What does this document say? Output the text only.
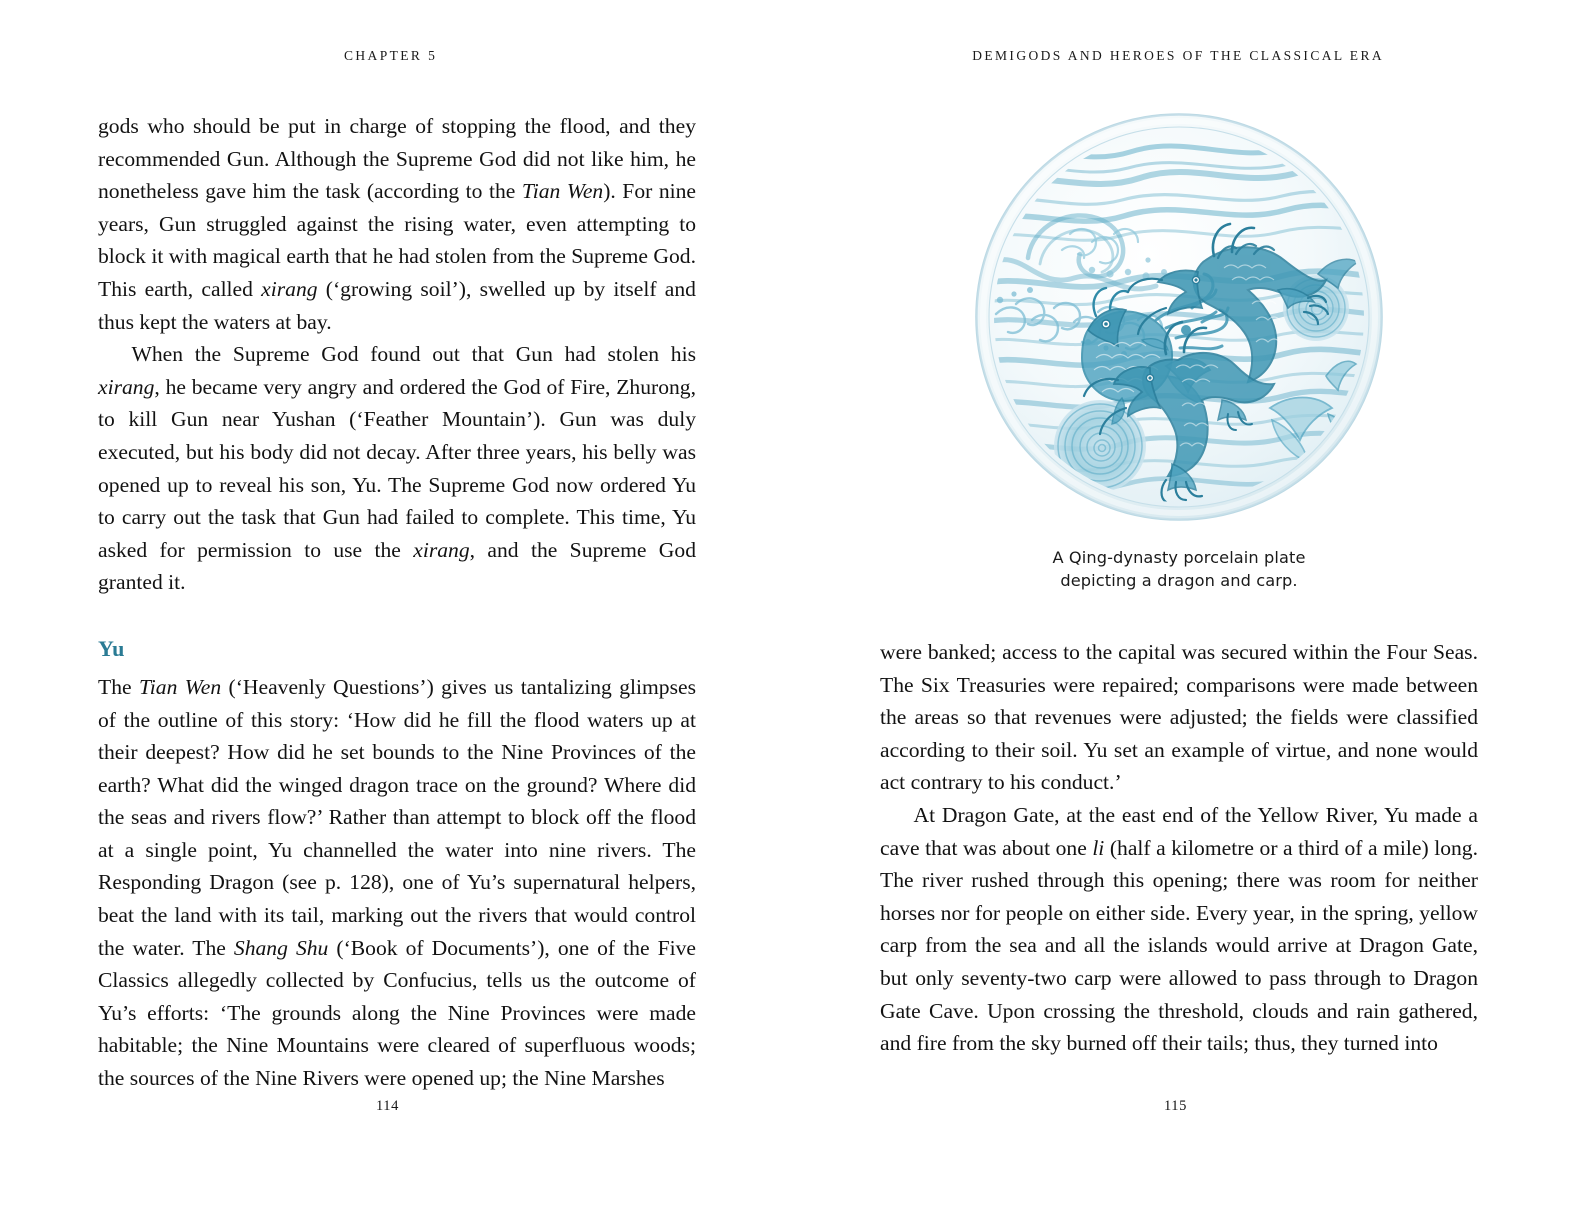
CHAPTER 5	DEMIGODS AND HEROES OF THE CLASSICAL ERA

gods who should be put in charge of stopping the flood, and they recommended Gun. Although the Supreme God did not like him, he nonetheless gave him the task (according to the Tian Wen). For nine years, Gun struggled against the rising water, even attempting to block it with magical earth that he had stolen from the Supreme God. This earth, called xirang (‘growing soil’), swelled up by itself and thus kept the waters at bay.

When the Supreme God found out that Gun had stolen his xirang, he became very angry and ordered the God of Fire, Zhurong, to kill Gun near Yushan (‘Feather Mountain’). Gun was duly executed, but his body did not decay. After three years, his belly was opened up to reveal his son, Yu. The Supreme God now ordered Yu to carry out the task that Gun had failed to complete. This time, Yu asked for permission to use the xirang, and the Supreme God granted it.

Yu

The Tian Wen (‘Heavenly Questions’) gives us tantalizing glimpses of the outline of this story: ‘How did he fill the flood waters up at their deepest? How did he set bounds to the Nine Provinces of the earth? What did the winged dragon trace on the ground? Where did the seas and rivers flow?’ Rather than attempt to block off the flood at a single point, Yu channelled the water into nine rivers. The Responding Dragon (see p. 128), one of Yu’s supernatural helpers, beat the land with its tail, marking out the rivers that would control the water. The Shang Shu (‘Book of Documents’), one of the Five Classics allegedly collected by Confucius, tells us the outcome of Yu’s efforts: ‘The grounds along the Nine Provinces were made habitable; the Nine Mountains were cleared of superfluous woods; the sources of the Nine Rivers were opened up; the Nine Marshes

A Qing-dynasty porcelain plate
depicting a dragon and carp.

were banked; access to the capital was secured within the Four Seas. The Six Treasuries were repaired; comparisons were made between the areas so that revenues were adjusted; the fields were classified according to their soil. Yu set an example of virtue, and none would act contrary to his conduct.’

At Dragon Gate, at the east end of the Yellow River, Yu made a cave that was about one li (half a kilometre or a third of a mile) long. The river rushed through this opening; there was room for neither horses nor for people on either side. Every year, in the spring, yellow carp from the sea and all the islands would arrive at Dragon Gate, but only seventy-two carp were allowed to pass through to Dragon Gate Cave. Upon crossing the threshold, clouds and rain gathered, and fire from the sky burned off their tails; thus, they turned into

114	115
